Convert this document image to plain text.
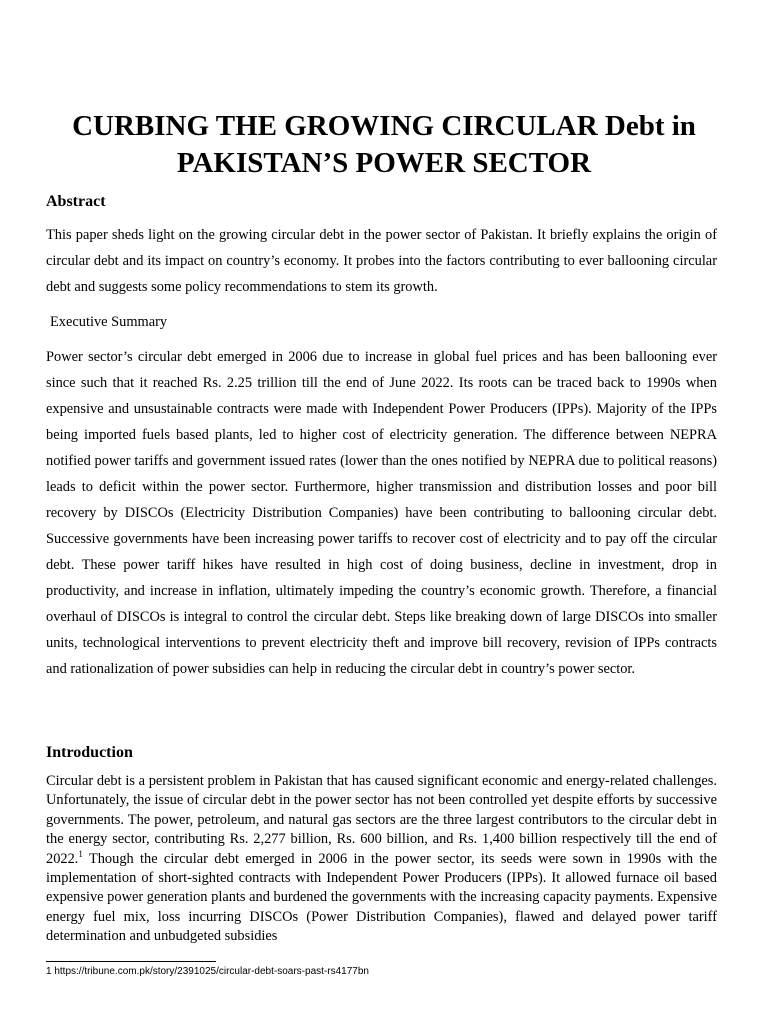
CURBING THE GROWING CIRCULAR Debt in
PAKISTAN’S POWER SECTOR
Abstract

This paper sheds light on the growing circular debt in the power sector of Pakistan. It briefly explains the origin of circular debt and its impact on country’s economy. It probes into the factors contributing to ever ballooning circular debt and suggests some policy recommendations to stem its growth.

Executive Summary

Power sector’s circular debt emerged in 2006 due to increase in global fuel prices and has been ballooning ever since such that it reached Rs. 2.25 trillion till the end of June 2022. Its roots can be traced back to 1990s when expensive and unsustainable contracts were made with Independent Power Producers (IPPs). Majority of the IPPs being imported fuels based plants, led to higher cost of electricity generation. The difference between NEPRA notified power tariffs and government issued rates (lower than the ones notified by NEPRA due to political reasons) leads to deficit within the power sector. Furthermore, higher transmission and distribution losses and poor bill recovery by DISCOs (Electricity Distribution Companies) have been contributing to ballooning circular debt. Successive governments have been increasing power tariffs to recover cost of electricity and to pay off the circular debt. These power tariff hikes have resulted in high cost of doing business, decline in investment, drop in productivity, and increase in inflation, ultimately impeding the country’s economic growth. Therefore, a financial overhaul of DISCOs is integral to control the circular debt. Steps like breaking down of large DISCOs into smaller units, technological interventions to prevent electricity theft and improve bill recovery, revision of IPPs contracts and rationalization of power subsidies can help in reducing the circular debt in country’s power sector.

Introduction

Circular debt is a persistent problem in Pakistan that has caused significant economic and energy-related challenges. Unfortunately, the issue of circular debt in the power sector has not been controlled yet despite efforts by successive governments. The power, petroleum, and natural gas sectors are the three largest contributors to the circular debt in the energy sector, contributing Rs. 2,277 billion, Rs. 600 billion, and Rs. 1,400 billion respectively till the end of 2022.$^1$ Though the circular debt emerged in 2006 in the power sector, its seeds were sown in 1990s with the implementation of short-sighted contracts with Independent Power Producers (IPPs). It allowed furnace oil based expensive power generation plants and burdened the governments with the increasing capacity payments. Expensive energy fuel mix, loss incurring DISCOs (Power Distribution Companies), flawed and delayed power tariff determination and unbudgeted subsidies

1 https://tribune.com.pk/story/2391025/circular-debt-soars-past-rs4177bn
